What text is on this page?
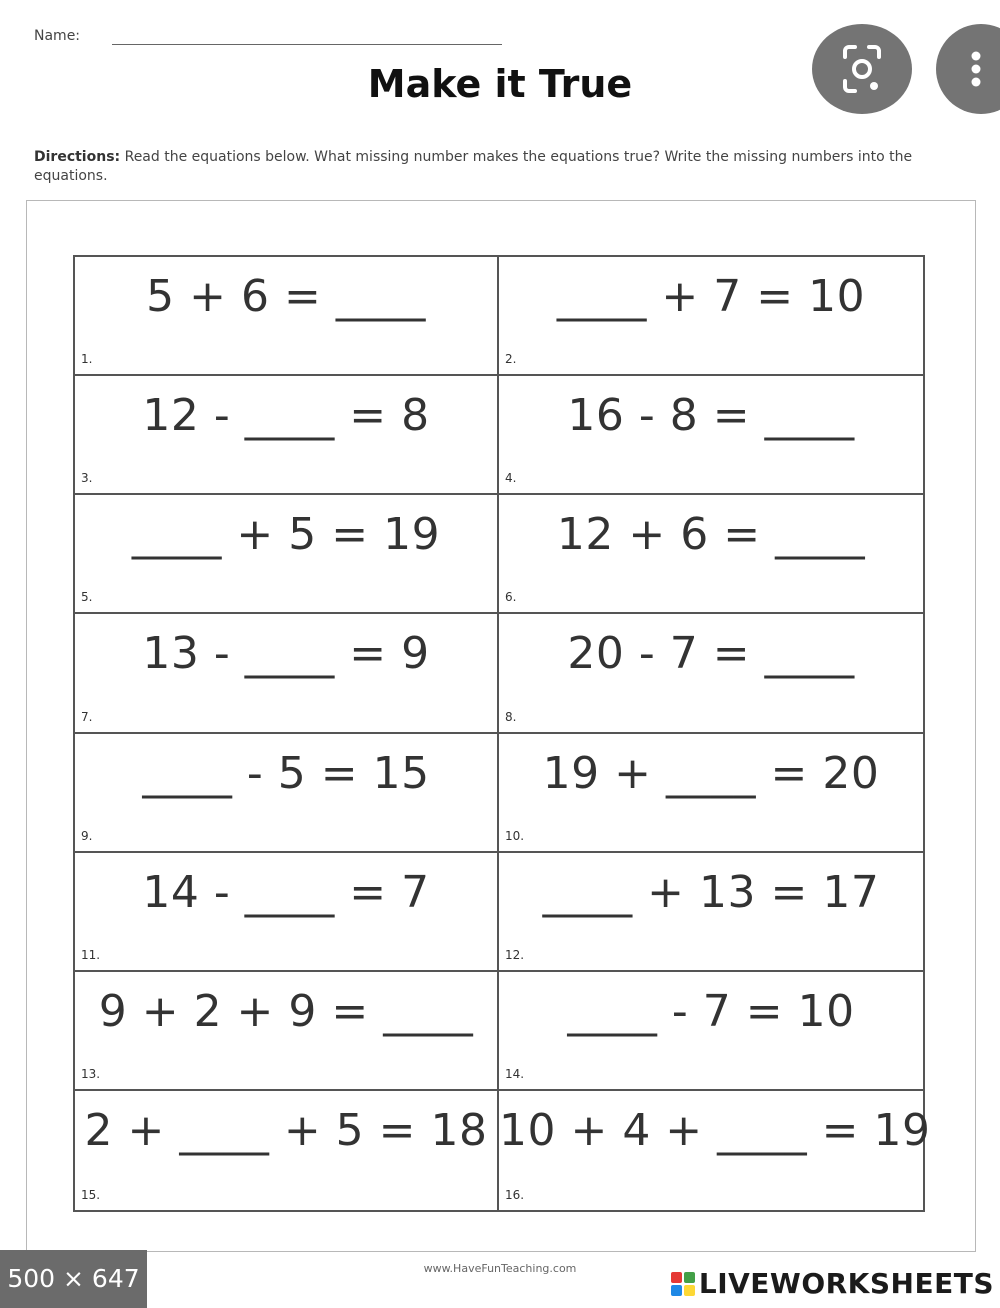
Name:
Make it True
Directions: Read the equations below. What missing number makes the equations true? Write the missing numbers into the equations.
5 + 6 = ____
1.
____ + 7 = 10
2.
12 - ____ = 8
3.
16 - 8 = ____
4.
____ + 5 = 19
5.
12 + 6 = ____
6.
13 - ____ = 9
7.
20 - 7 = ____
8.
____ - 5 = 15
9.
19 + ____ = 20
10.
14 - ____ = 7
11.
____ + 13 = 17
12.
9 + 2 + 9 = ____
13.
____ - 7 = 10
14.
2 + ____ + 5 = 18
15.
10 + 4 + ____ = 19
16.
www.HaveFunTeaching.com
500 × 647	LIVEWORKSHEETS
